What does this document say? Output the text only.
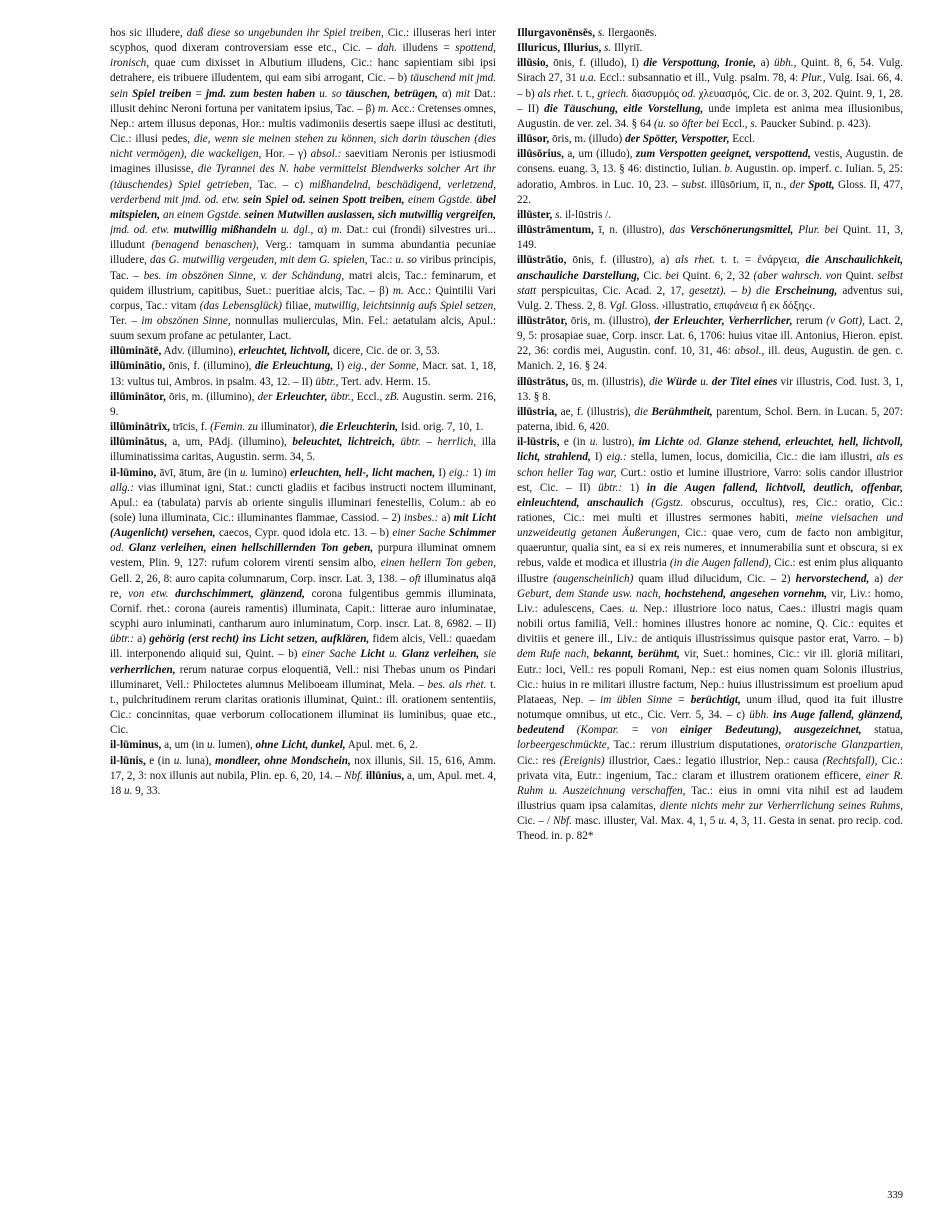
hos sic illudere, daß diese so ungebunden ihr Spiel treiben, Cic.: illuseras heri inter scyphos, quod dixeram controversiam esse etc., Cic. – dah. illudens = spottend, ironisch, quae cum dixisset in Albutium illudens, Cic.: hanc sapientiam sibi ipsi detrahere, eis tribuere illudentem, qui eam sibi arrogant, Cic. – b) täuschend mit jmd. sein Spiel treiben = jmd. zum besten haben u. so täuschen, betrügen, α) mit Dat.: illusit dehinc Neroni fortuna per vanitatem ipsius, Tac. – β) m. Acc.: Cretenses omnes, Nep.: artem illusus deponas, Hor.: multis vadimoniis desertis saepe illusi ac destituti, Cic.: illusi pedes, die, wenn sie meinen stehen zu können, sich darin täuschen (dies nicht vermögen), die wackeligen, Hor. – γ) absol.: saevitiam Neronis per istiusmodi imagines illusisse, die Tyrannei des N. habe vermittelst Blendwerks solcher Art ihr (täuschendes) Spiel getrieben, Tac. – c) mißhandelnd, beschädigend, verletzend, verderbend mit jmd. od. etw. sein Spiel od. seinen Spott treiben, einem Ggstde. übel mitspielen, an einem Ggstde. seinen Mutwillen auslassen, sich mutwillig vergreifen, jmd. od. etw. mutwillig mißhandeln u. dgl., α) m. Dat.: cui (frondi) silvestres uri... illudunt (benagend benaschen), Verg.: tamquam in summa abundantia pecuniae illudere, das G. mutwillig vergeuden, mit dem G. spielen, Tac.: u. so viribus principis, Tac. – bes. im obszönen Sinne, v. der Schändung, matri alcis, Tac.: feminarum, et quidem illustrium, capitibus, Suet.: pueritiae alcis, Tac. – β) m. Acc.: Quintilii Vari corpus, Tac.: vitam (das Lebensglück) filiae, mutwillig, leichtsinnig aufs Spiel setzen, Ter. – im obszönen Sinne, nonnullas mulierculas, Min. Fel.: aetatulam alcis, Apul.: suum sexum profane ac petulanter, Lact.

illūminātē, Adv. (illumino), erleuchtet, lichtvoll, dicere, Cic. de or. 3, 53.

illūminātio, ōnis, f. (illumino), die Erleuchtung, I) eig., der Sonne, Macr. sat. 1, 18, 13: vultus tui, Ambros. in psalm. 43, 12. – II) übtr., Tert. adv. Herm. 15.

illūminātor, ōris, m. (illumino), der Erleuchter, übtr., Eccl., zB. Augustin. serm. 216, 9.

illūminātrīx, trīcis, f. (Femin. zu illuminator), die Erleuchterin, Isid. orig. 7, 10, 1.

illūminātus, a, um, PAdj. (illumino), beleuchtet, lichtreich, übtr. – herrlich, illa illuminatissima caritas, Augustin. serm. 34, 5.

il-lūmino, āvī, ātum, āre (in u. lumino) erleuchten, hell-, licht machen, I) eig.: 1) im allg.: vias illuminat igni, Stat.: cuncti gladiis et facibus instructi noctem illuminant, Apul.: ea (tabulata) parvis ab oriente singulis illuminari fenestellis, Colum.: ab eo (sole) luna illuminata, Cic.: illuminantes flammae, Cassiod. – 2) insbes.: a) mit Licht (Augenlicht) versehen, caecos, Cypr. quod idola etc. 13. – b) einer Sache Schimmer od. Glanz verleihen, einen hellschillernden Ton geben, purpura illuminat omnem vestem, Plin. 9, 127: rufum colorem virenti sensim albo, einen hellern Ton geben, Gell. 2, 26, 8: auro capita columnarum, Corp. inscr. Lat. 3, 138. – oft illuminatus alqā re, von etw. durchschimmert, glänzend, corona fulgentibus gemmis illuminata, Cornif. rhet.: corona (aureis ramentis) illuminata, Capit.: litterae auro inluminatae, scyphi auro inluminati, cantharum auro inluminatum, Corp. inscr. Lat. 8, 6982. – II) übtr.: a) gehörig (erst recht) ins Licht setzen, aufklären, fidem alcis, Vell.: quaedam ill. interponendo aliquid sui, Quint. – b) einer Sache Licht u. Glanz verleihen, sie verherrlichen, rerum naturae corpus eloquentiā, Vell.: nisi Thebas unum os Pindari illuminaret, Vell.: Philoctetes alumnus Meliboeam illuminat, Mela. – bes. als rhet. t. t., pulchritudinem rerum claritas orationis illuminat, Quint.: ill. orationem sententiis, Cic.: concinnitas, quae verborum collocationem illuminat iis luminibus, quae etc., Cic.

il-lūminus, a, um (in u. lumen), ohne Licht, dunkel, Apul. met. 6, 2.

il-lūnis, e (in u. luna), mondleer, ohne Mondschein, nox illunis, Sil. 15, 616, Amm. 17, 2, 3: nox illunis aut nubila, Plin. ep. 6, 20, 14. – Nbf. illūnius, a, um, Apul. met. 4, 18 u. 9, 33.

Illurgavonēnsēs, s. Ilergaonēs.

Illuricus, Illurius, s. Illyriī.

illūsio, ōnis, f. (illudo), I) die Verspottung, Ironie, a) übh., Quint. 8, 6, 54. Vulg. Sirach 27, 31 u.a. Eccl.: subsannatio et ill., Vulg. psalm. 78, 4: Plur., Vulg. Isai. 66, 4. – b) als rhet. t. t., griech. διασυρμός od. χλευασμός, Cic. de or. 3, 202. Quint. 9, 1, 28. – II) die Täuschung, eitle Vorstellung, unde impleta est anima mea illusionibus, Augustin. de ver. zel. 34. § 64 (u. so öfter bei Eccl., s. Paucker Subind. p. 423).

illūsor, ōris, m. (illudo) der Spötter, Verspotter, Eccl.

illūsōrius, a, um (illudo), zum Verspotten geeignet, verspottend, vestis, Augustin. de consens. euang. 3, 13. § 46: distinctio, Iulian. b. Augustin. op. imperf. c. Iulian. 5, 25: adoratio, Ambros. in Luc. 10, 23. – subst. illūsōrium, iī, n., der Spott, Gloss. II, 477, 22.

illūster, s. il-lūstris /.

illūstrāmentum, ī, n. (illustro), das Verschönerungsmittel, Plur. bei Quint. 11, 3, 149.

illūstrātio, ōnis, f. (illustro), a) als rhet. t. t. = ἐνάργεια, die Anschaulichkeit, anschauliche Darstellung, Cic. bei Quint. 6, 2, 32 (aber wahrsch. von Quint. selbst statt perspicuitas, Cic. Acad. 2, 17, gesetzt). – b) die Erscheinung, adventus sui, Vulg. 2. Thess. 2, 8. Vgl. Gloss. ›illustratio, επιφάνεια ἤ εκ δόξης‹.

illūstrātor, ōris, m. (illustro), der Erleuchter, Verherrlicher, rerum (v Gott), Lact. 2, 9, 5: prosapiae suae, Corp. inscr. Lat. 6, 1706: huius vitae ill. Antonius, Hieron. epist. 22, 36: cordis mei, Augustin. conf. 10, 31, 46: absol., ill. deus, Augustin. de gen. c. Manich. 2, 16. § 24.

illūstrātus, ūs, m. (illustris), die Würde u. der Titel eines vir illustris, Cod. Iust. 3, 1, 13. § 8.

illūstria, ae, f. (illustris), die Berühmtheit, parentum, Schol. Bern. in Lucan. 5, 207: paterna, ibid. 6, 420.

il-lūstris, e (in u. lustro), im Lichte od. Glanze stehend, erleuchtet, hell, lichtvoll, licht, strahlend, I) eig.: stella, lumen, locus, domicilia, Cic.: die iam illustri, als es schon heller Tag war, Curt.: ostio et lumine illustriore, Varro: solis candor illustrior est, Cic. – II) übtr.: 1) in die Augen fallend, lichtvoll, deutlich, offenbar, einleuchtend, anschaulich (Ggstz. obscurus, occultus), res, Cic.: oratio, Cic.: rationes, Cic.: mei multi et illustres sermones habiti, meine vielsachen und unzweideutig getanen Äußerungen, Cic.: quae vero, cum de facto non ambigitur, quaeruntur, qualia sint, ea si ex reis numeres, et innumerabilia sunt et obscura, si ex rebus, valde et modica et illustria (in die Augen fallend), Cic.: est enim plus aliquanto illustre (augenscheinlich) quam illud dilucidum, Cic. – 2) hervorstechend, a) der Geburt, dem Stande usw. nach, hochstehend, angesehen vornehm, vir, Liv.: homo, Liv.: adulescens, Caes. u. Nep.: illustriore loco natus, Caes.: illustri magis quam nobili ortus familiā, Vell.: homines illustres honore ac nomine, Q. Cic.: equites et divitiis et genere ill., Liv.: de antiquis illustrissimus quisque pastor erat, Varro. – b) dem Rufe nach, bekannt, berühmt, vir, Suet.: homines, Cic.: vir ill. gloriā militari, Eutr.: loci, Vell.: res populi Romani, Nep.: est eius nomen quam Solonis illustrius, Cic.: huius in re militari illustre factum, Nep.: huius illustrissimum est proelium apud Plataeas, Nep. – im üblen Sinne = berüchtigt, unum illud, quod ita fuit illustre notumque omnibus, ut etc., Cic. Verr. 5, 34. – c) übh. ins Auge fallend, glänzend, bedeutend (Kompar. = von einiger Bedeutung), ausgezeichnet, statua, lorbeergeschmückte, Tac.: rerum illustrium disputationes, oratorische Glanzpartien, Cic.: res (Ereignis) illustrior, Caes.: legatio illustrior, Nep.: causa (Rechtsfall), Cic.: privata vita, Eutr.: ingenium, Tac.: claram et illustrem orationem efficere, einer R. Ruhm u. Auszeichnung verschaffen, Tac.: eius in omni vita nihil est ad laudem illustrius quam ipsa calamitas, diente nichts mehr zur Verherrlichung seines Ruhms, Cic. – / Nbf. masc. illuster, Val. Max. 4, 1, 5 u. 4, 3, 11. Gesta in senat. pro recip. cod. Theod. in. p. 82*

339
